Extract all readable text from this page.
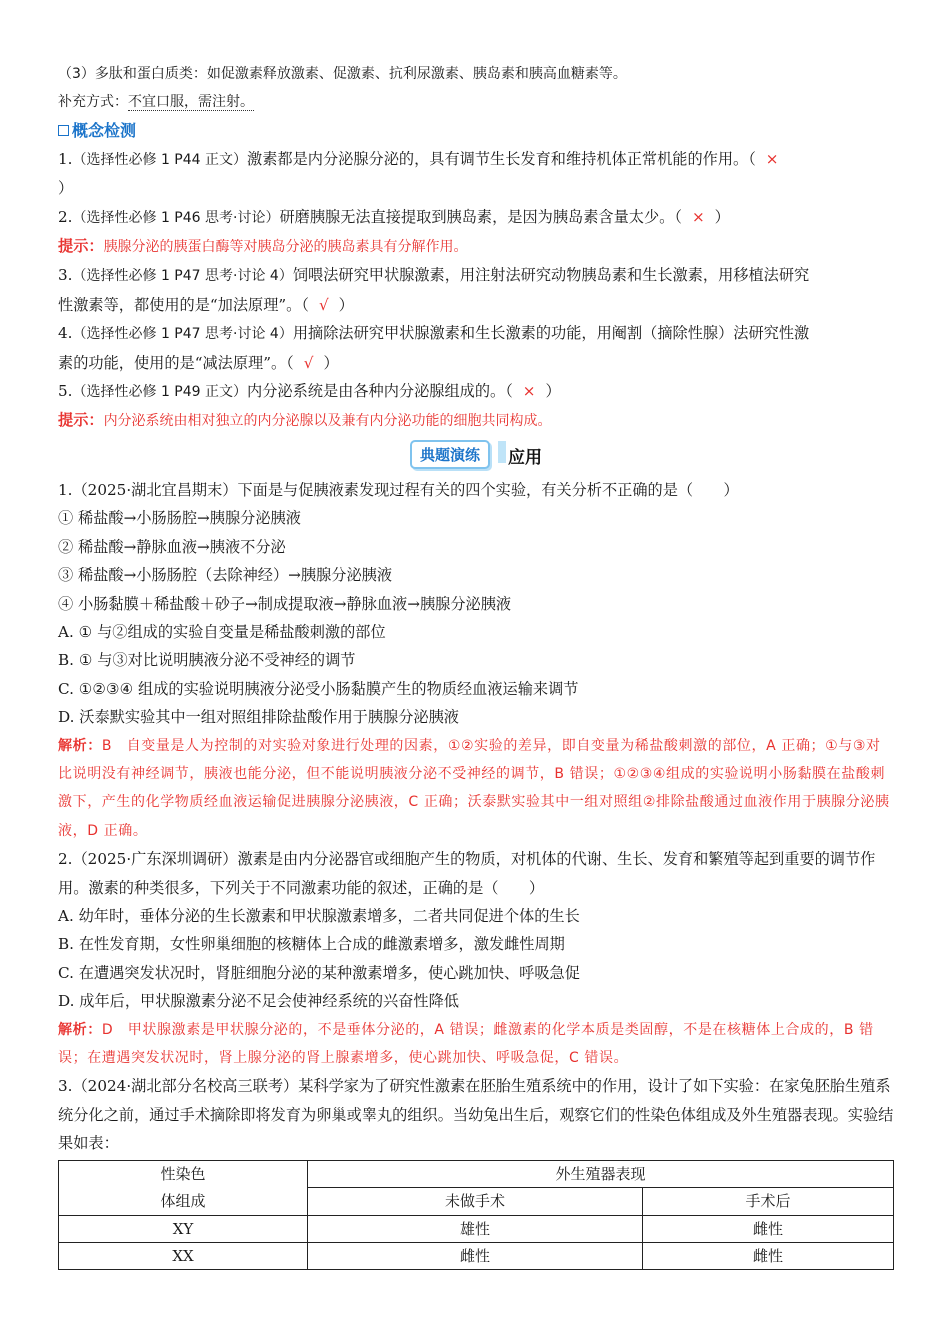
（3）多肽和蛋白质类：如促激素释放激素、促激素、抗利尿激素、胰岛素和胰高血糖素等。
补充方式：不宜口服，需注射。
概念检测
1.（选择性必修 1 P44 正文）激素都是内分泌腺分泌的，具有调节生长发育和维持机体正常机能的作用。（ ×
）
2.（选择性必修 1 P46 思考·讨论）研磨胰腺无法直接提取到胰岛素，是因为胰岛素含量太少。（ × ）
提示：胰腺分泌的胰蛋白酶等对胰岛分泌的胰岛素具有分解作用。
3.（选择性必修 1 P47 思考·讨论 4）饲喂法研究甲状腺激素，用注射法研究动物胰岛素和生长激素，用移植法研究
性激素等，都使用的是“加法原理”。（ √ ）
4.（选择性必修 1 P47 思考·讨论 4）用摘除法研究甲状腺激素和生长激素的功能，用阉割（摘除性腺）法研究性激
素的功能，使用的是“减法原理”。（ √ ）
5.（选择性必修 1 P49 正文）内分泌系统是由各种内分泌腺组成的。（ × ）
提示：内分泌系统由相对独立的内分泌腺以及兼有内分泌功能的细胞共同构成。
典题演练	应用
1.（2025·湖北宜昌期末）下面是与促胰液素发现过程有关的四个实验，有关分析不正确的是（　　）
① 稀盐酸→小肠肠腔→胰腺分泌胰液
② 稀盐酸→静脉血液→胰液不分泌
③ 稀盐酸→小肠肠腔（去除神经）→胰腺分泌胰液
④ 小肠黏膜＋稀盐酸＋砂子→制成提取液→静脉血液→胰腺分泌胰液
A. ① 与②组成的实验自变量是稀盐酸刺激的部位
B. ① 与③对比说明胰液分泌不受神经的调节
C. ①②③④ 组成的实验说明胰液分泌受小肠黏膜产生的物质经血液运输来调节
D. 沃泰默实验其中一组对照组排除盐酸作用于胰腺分泌胰液
解析：B　自变量是人为控制的对实验对象进行处理的因素，①②实验的差异，即自变量为稀盐酸刺激的部位，A 正确；①与③对比说明没有神经调节，胰液也能分泌，但不能说明胰液分泌不受神经的调节，B 错误；①②③④组成的实验说明小肠黏膜在盐酸刺激下，产生的化学物质经血液运输促进胰腺分泌胰液，C 正确；沃泰默实验其中一组对照组②排除盐酸通过血液作用于胰腺分泌胰液，D 正确。
2.（2025·广东深圳调研）激素是由内分泌器官或细胞产生的物质，对机体的代谢、生长、发育和繁殖等起到重要的调节作用。激素的种类很多，下列关于不同激素功能的叙述，正确的是（　　）
A. 幼年时，垂体分泌的生长激素和甲状腺激素增多，二者共同促进个体的生长
B. 在性发育期，女性卵巢细胞的核糖体上合成的雌激素增多，激发雌性周期
C. 在遭遇突发状况时，肾脏细胞分泌的某种激素增多，使心跳加快、呼吸急促
D. 成年后，甲状腺激素分泌不足会使神经系统的兴奋性降低
解析：D　甲状腺激素是甲状腺分泌的，不是垂体分泌的，A 错误；雌激素的化学本质是类固醇，不是在核糖体上合成的，B 错误；在遭遇突发状况时，肾上腺分泌的肾上腺素增多，使心跳加快、呼吸急促，C 错误。
3.（2024·湖北部分名校高三联考）某科学家为了研究性激素在胚胎生殖系统中的作用，设计了如下实验：在家兔胚胎生殖系统分化之前，通过手术摘除即将发育为卵巢或睾丸的组织。当幼兔出生后，观察它们的性染色体组成及外生殖器表现。实验结果如表：
性染色
体组成	外生殖器表现	
	未做手术	手术后
XY	雄性	雌性
XX	雌性	雌性
